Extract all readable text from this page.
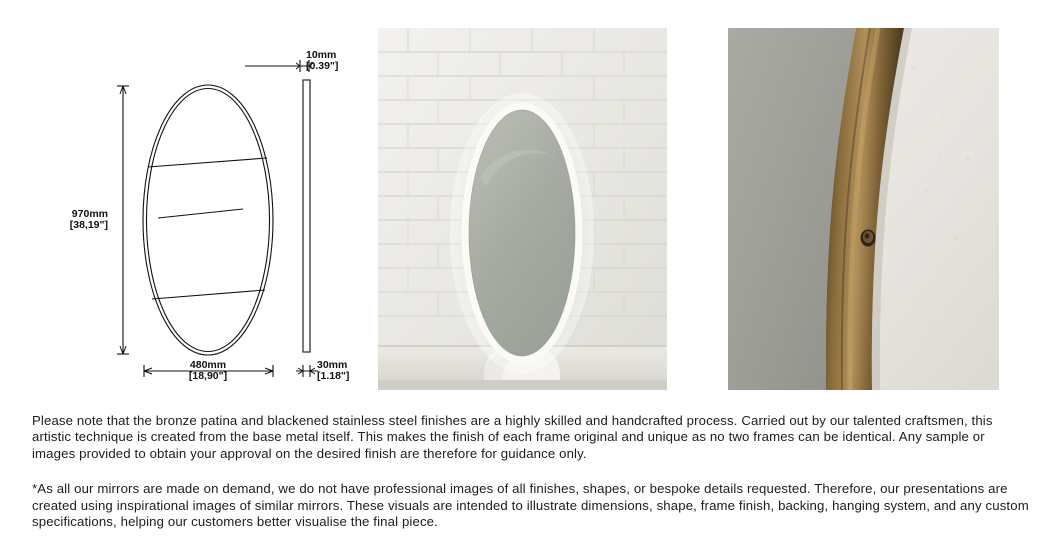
970mm
[38,19"]
480mm
[18,90"]
10mm
[0.39"]
30mm
[1.18"]

Please note that the bronze patina and blackened stainless steel finishes are a highly skilled and handcrafted process. Carried out by our talented craftsmen, this artistic technique is created from the base metal itself. This makes the finish of each frame original and unique as no two frames can be identical. Any sample or images provided to obtain your approval on the desired finish are therefore for guidance only.

*As all our mirrors are made on demand, we do not have professional images of all finishes, shapes, or bespoke details requested. Therefore, our presentations are created using inspirational images of similar mirrors. These visuals are intended to illustrate dimensions, shape, frame finish, backing, hanging system, and any custom specifications, helping our customers better visualise the final piece.
